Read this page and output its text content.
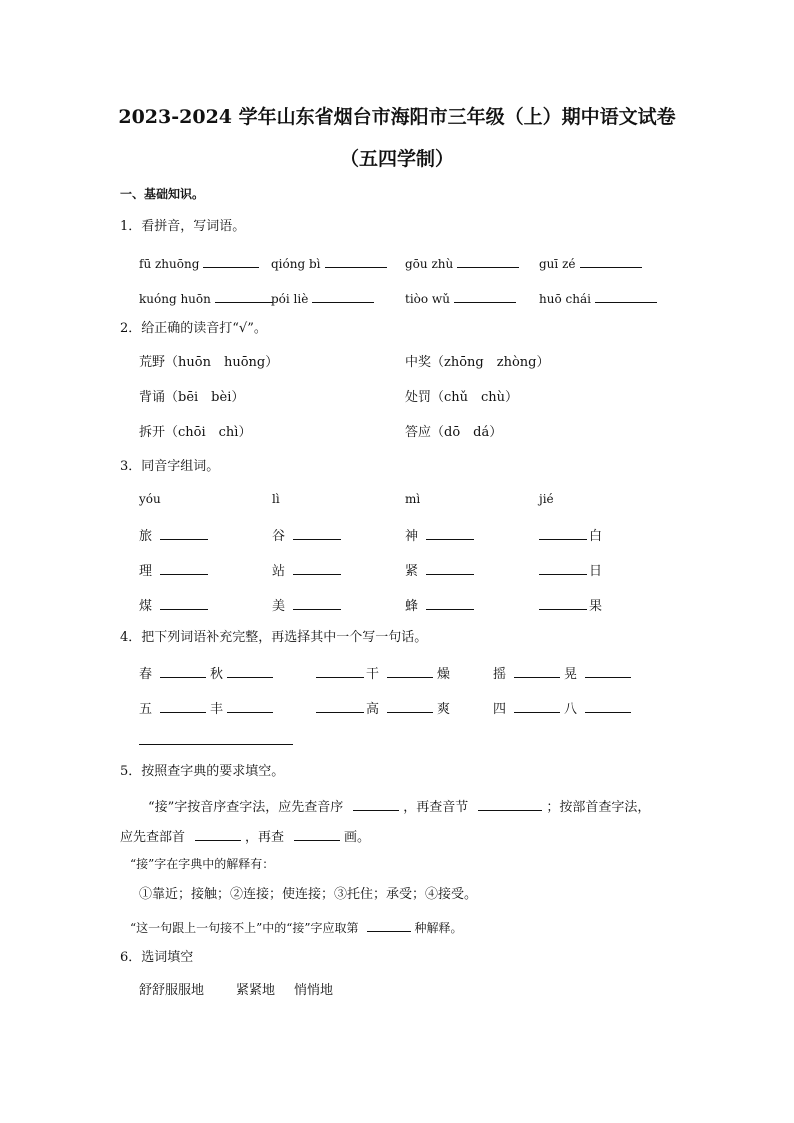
2023-2024 学年山东省烟台市海阳市三年级（上）期中语文试卷
（五四学制）
一、基础知识。
1．看拼音，写词语。
fū zhuōng	qióng bì	gōu zhù	guī zé
kuóng huōn	pói liè	tiòo wǔ	huō chái
2．给正确的读音打“√”。
荒野（huōn　huōng）	中奖（zhōng　zhòng）
背诵（bēi　bèi）	处罚（chǔ　chù）
拆开（chōi　chì）	答应（dō　dá）
3．同音字组词。
yóu	lì	mì	jié
旅	谷	神	白
理	站	紧	日
煤	美	蜂	果
4．把下列词语补充完整，再选择其中一个写一句话。
春	秋	干	燥	摇	晃
五	丰	高	爽	四	八
5．按照查字典的要求填空。
“接”字按音序查字法，应先查音序	，再查音节	；按部首查字法，
应先查部首	，再查	画。
“接”字在字典中的解释有：
①靠近；接触；②连接；使连接；③托住；承受；④接受。
“这一句跟上一句接不上”中的“接”字应取第	种解释。
6．选词填空
舒舒服服地 紧紧地 悄悄地
